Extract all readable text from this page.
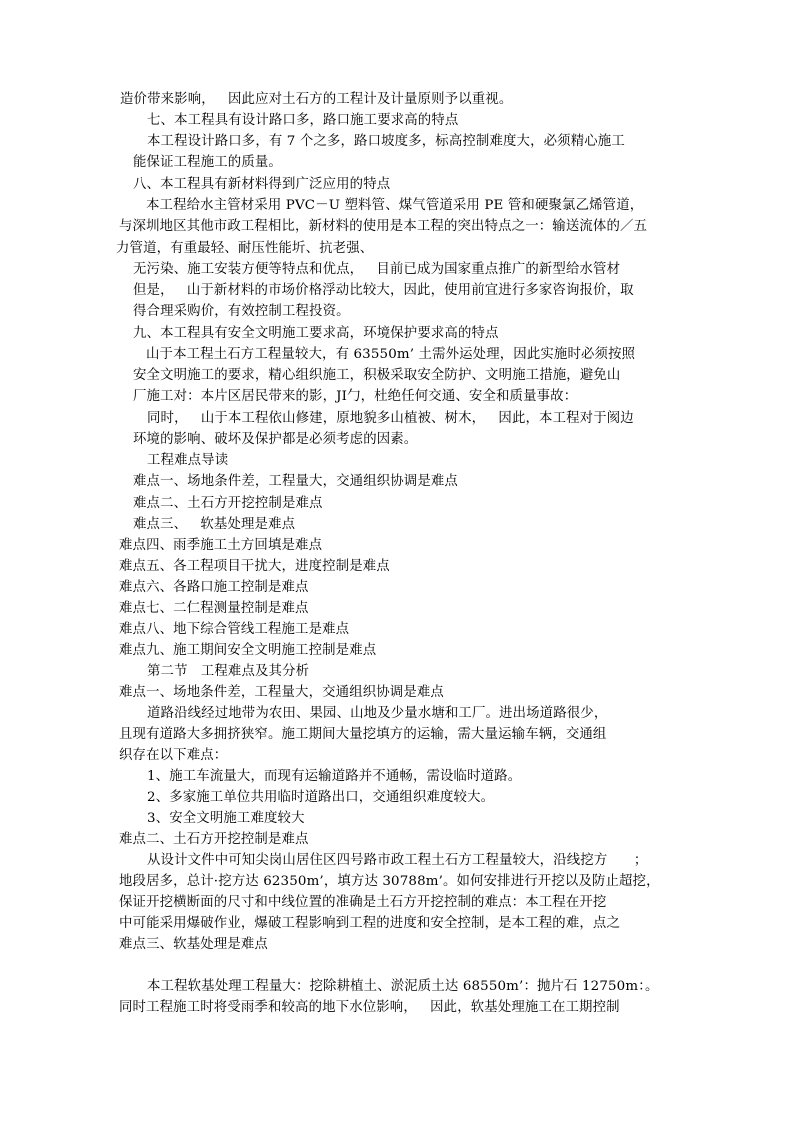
造价带来影响，   因此应对土石方的工程计及计量原则予以重视。
七、本工程具有设计路口多，路口施工要求高的特点
本工程设计路口多，有 7 个之多，路口坡度多，标高控制难度大，必须精心施工
能保证工程施工的质量。
八、本工程具有新材料得到广泛应用的特点
本工程给水主管材采用 PVC－U 塑料管、煤气管道采用 PE 管和硬聚氯乙烯管道，
与深圳地区其他市政工程相比，新材料的使用是本工程的突出特点之一：输送流体的／五
力管道，有重最轻、耐压性能圻、抗老强、
无污染、施工安装方便等特点和优点，   目前已成为国家重点推广的新型给水管材
但是，   山于新材料的市场价格浮动比较大，因此，使用前宜进行多家咨询报价，取
得合理采购价，有效控制工程投资。
九、本工程具有安全文明施工要求高，环境保护要求高的特点
山于本工程土石方工程量较大，有 63550m’ 土需外运处理，因此实施时必须按照
安全文明施工的要求，精心组织施工，积极采取安全防护、文明施工措施，避免山
厂施工对：本片区居民带来的影，JI勹，杜绝任何交通、安全和质量事故：
同时，   山于本工程依山修建，原地貌多山植被、树木，   因此，本工程对于阂边
环境的影响、破坏及保护都是必须考虑的因素。
工程难点导读
难点一、场地条件差，工程量大，交通组织协调是难点
难点二、土石方开挖控制是难点
难点三、   软基处理是难点
难点四、雨季施工土方回填是难点
难点五、各工程项目干扰大，进度控制是难点
难点六、各路口施工控制是难点
难点七、二仁程测量控制是难点
难点八、地下综合管线工程施工是难点
难点九、施工期间安全文明施工控制是难点
第二节   工程难点及其分析
难点一、场地条件差，工程量大，交通组织协调是难点
道路沿线经过地带为农田、果园、山地及少量水塘和工厂。进出场道路很少，
且现有道路大多拥挤狭窄。施工期间大量挖填方的运输，需大量运输车辆，交通组
织存在以下难点：
1、施工车流量大，而现有运输道路并不通畅，需设临时道路。
2、多家施工单位共用临时道路出口，交通组织难度较大。
3、安全文明施工难度较大
难点二、土石方开挖控制是难点
从设计文件中可知尖岗山居住区四号路市政工程土石方工程量较大，沿线挖方      ；
地段居多，总计·挖方达 62350m’，填方达 30788m’。如何安排进行开挖以及防止超挖，
保证开挖横断面的尺寸和中线位置的准确是土石方开挖控制的难点：本工程在开挖
中可能采用爆破作业，爆破工程影响到工程的进度和安全控制，是本工程的难，点之
难点三、软基处理是难点
本工程软基处理工程量大：挖除耕植土、淤泥质土达 68550m’：抛片石 12750m：。
同时工程施工时将受雨季和较高的地下水位影响，   因此，软基处理施工在工期控制
